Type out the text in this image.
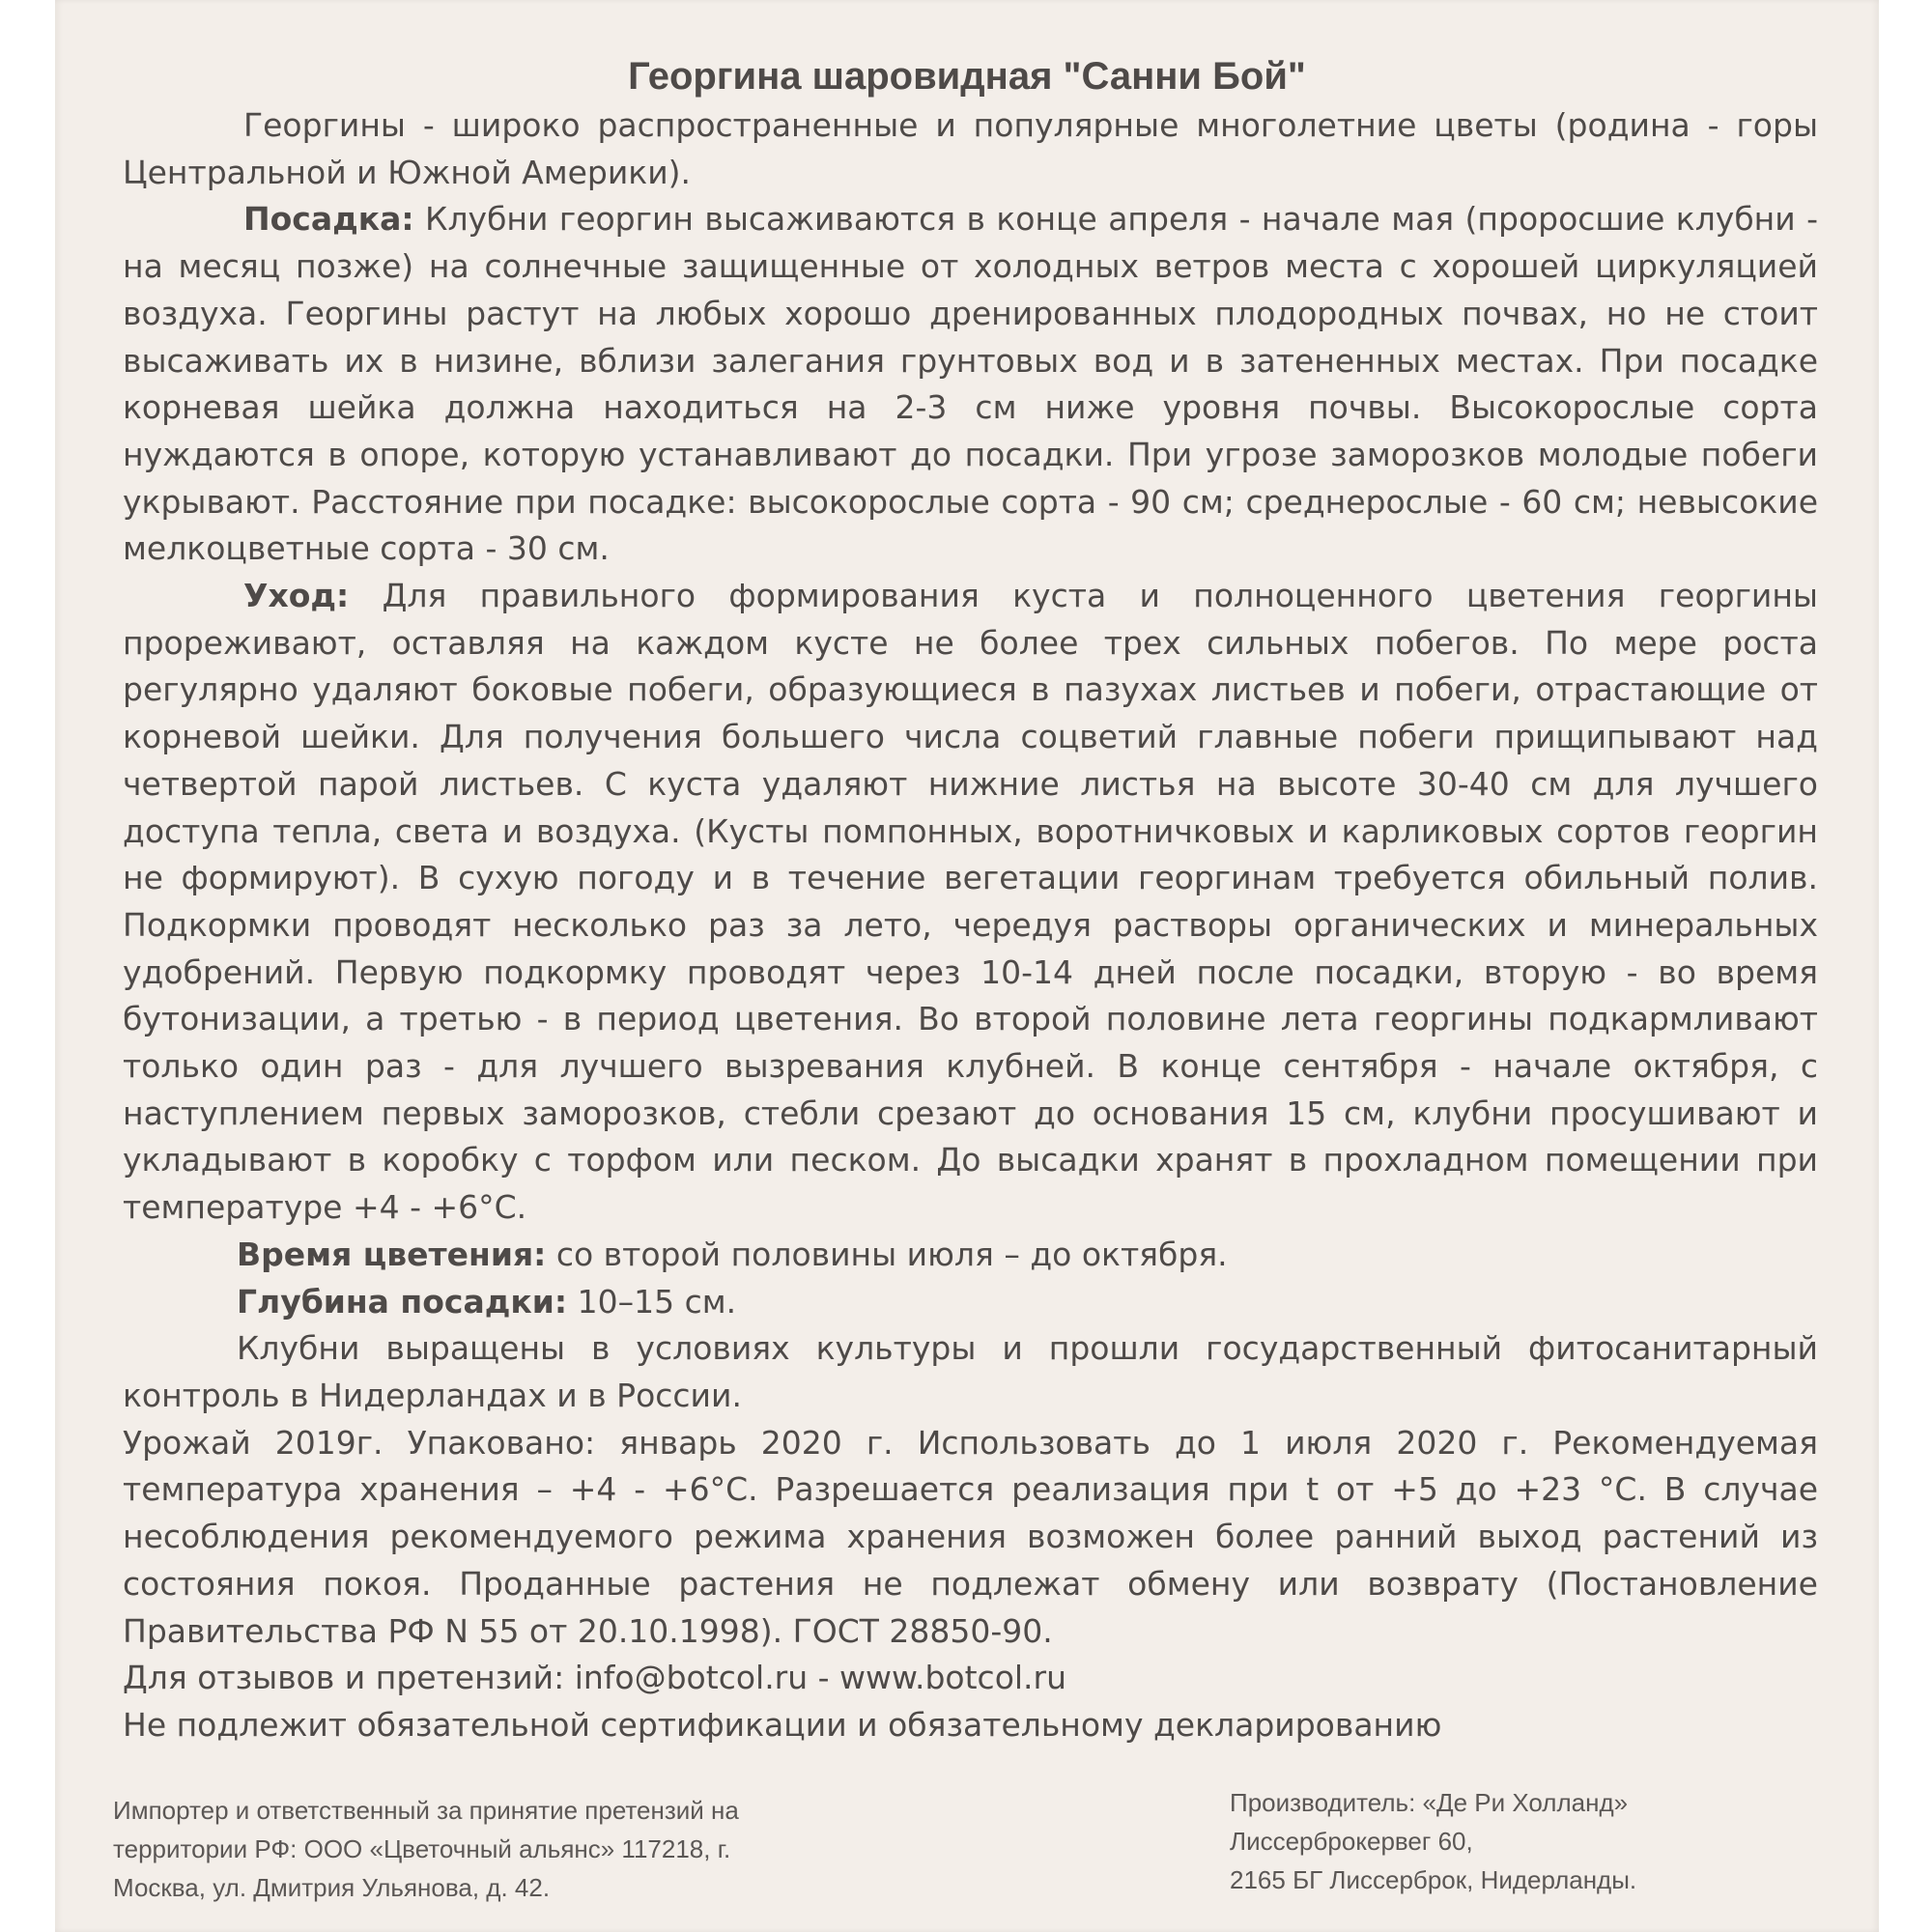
Георгина шаровидная "Санни Бой"

Георгины - широко распространенные и популярные многолетние цветы (родина - горы Центральной и Южной Америки).

Посадка: Клубни георгин высаживаются в конце апреля - начале мая (проросшие клубни - на месяц позже) на солнечные защищенные от холодных ветров места с хорошей циркуляцией воздуха. Георгины растут на любых хорошо дренированных плодородных почвах, но не стоит высаживать их в низине, вблизи залегания грунтовых вод и в затененных местах. При посадке корневая шейка должна находиться на 2-3 см ниже уровня почвы. Высокорослые сорта нуждаются в опоре, которую устанавливают до посадки. При угрозе заморозков молодые побеги укрывают. Расстояние при посадке: высокорослые сорта - 90 см; среднерослые - 60 см; невысокие мелкоцветные сорта - 30 см.

Уход: Для правильного формирования куста и полноценного цветения георгины прореживают, оставляя на каждом кусте не более трех сильных побегов. По мере роста регулярно удаляют боковые побеги, образующиеся в пазухах листьев и побеги, отрастающие от корневой шейки. Для получения большего числа соцветий главные побеги прищипывают над четвертой парой листьев. С куста удаляют нижние листья на высоте 30-40 см для лучшего доступа тепла, света и воздуха. (Кусты помпонных, воротничковых и карликовых сортов георгин не формируют). В сухую погоду и в течение вегетации георгинам требуется обильный полив. Подкормки проводят несколько раз за лето, чередуя растворы органических и минеральных удобрений. Первую подкормку проводят через 10-14 дней после посадки, вторую - во время бутонизации, а третью - в период цветения. Во второй половине лета георгины подкармливают только один раз - для лучшего вызревания клубней. В конце сентября - начале октября, с наступлением первых заморозков, стебли срезают до основания 15 см, клубни просушивают и укладывают в коробку с торфом или песком. До высадки хранят в прохладном помещении при температуре +4 - +6°C.

Время цветения: со второй половины июля – до октября.

Глубина посадки: 10–15 см.

Клубни выращены в условиях культуры и прошли государственный фитосанитарный контроль в Нидерландах и в России.

Урожай 2019г. Упаковано: январь 2020 г. Использовать до 1 июля 2020 г. Рекомендуемая температура хранения – +4 - +6°C. Разрешается реализация при t от +5 до +23 °C. В случае несоблюдения рекомендуемого режима хранения возможен более ранний выход растений из состояния покоя. Проданные растения не подлежат обмену или возврату (Постановление Правительства РФ N 55 от 20.10.1998). ГОСТ 28850-90.

Для отзывов и претензий: info@botcol.ru - www.botcol.ru

Не подлежит обязательной сертификации и обязательному декларированию

Импортер и ответственный за принятие претензий на
территории РФ: ООО «Цветочный альянс» 117218, г.
Москва, ул. Дмитрия Ульянова, д. 42.
Производитель: «Де Ри Холланд»
Лиссерброкервег 60,
2165 БГ Лиссерброк, Нидерланды.
